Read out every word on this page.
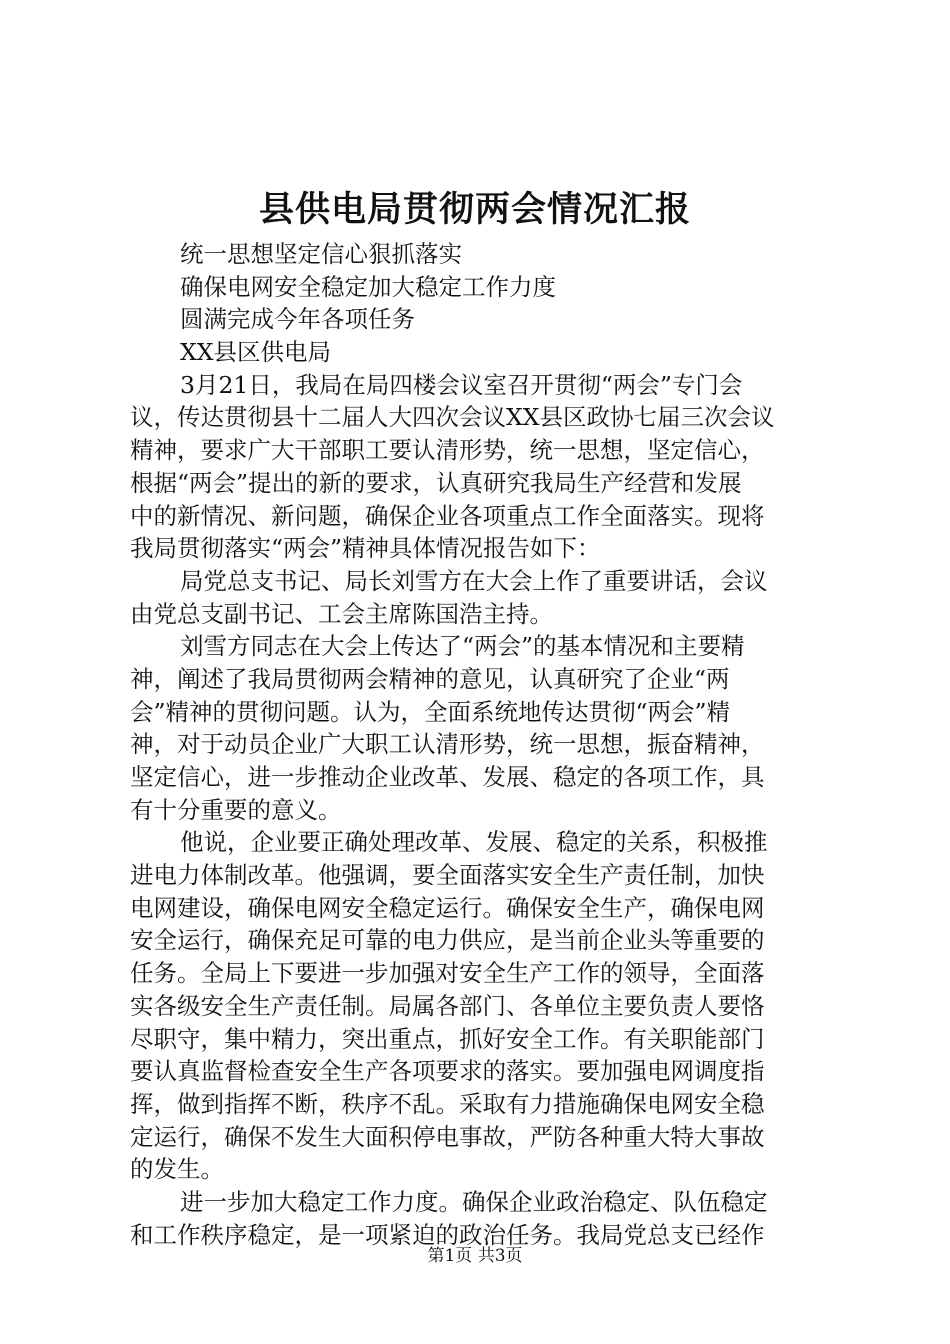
县供电局贯彻两会情况汇报
统一思想坚定信心狠抓落实
确保电网安全稳定加大稳定工作力度
圆满完成今年各项任务
XX县区供电局
3月21日，我局在局四楼会议室召开贯彻“两会”专门会
议，传达贯彻县十二届人大四次会议XX县区政协七届三次会议
精神，要求广大干部职工要认清形势，统一思想，坚定信心，
根据“两会”提出的新的要求，认真研究我局生产经营和发展
中的新情况、新问题，确保企业各项重点工作全面落实。现将
我局贯彻落实“两会”精神具体情况报告如下：
局党总支书记、局长刘雪方在大会上作了重要讲话，会议
由党总支副书记、工会主席陈国浩主持。
刘雪方同志在大会上传达了“两会”的基本情况和主要精
神，阐述了我局贯彻两会精神的意见，认真研究了企业“两
会”精神的贯彻问题。认为，全面系统地传达贯彻“两会”精
神，对于动员企业广大职工认清形势，统一思想，振奋精神，
坚定信心，进一步推动企业改革、发展、稳定的各项工作，具
有十分重要的意义。
他说，企业要正确处理改革、发展、稳定的关系，积极推
进电力体制改革。他强调，要全面落实安全生产责任制，加快
电网建设，确保电网安全稳定运行。确保安全生产，确保电网
安全运行，确保充足可靠的电力供应，是当前企业头等重要的
任务。全局上下要进一步加强对安全生产工作的领导，全面落
实各级安全生产责任制。局属各部门、各单位主要负责人要恪
尽职守，集中精力，突出重点，抓好安全工作。有关职能部门
要认真监督检查安全生产各项要求的落实。要加强电网调度指
挥，做到指挥不断，秩序不乱。采取有力措施确保电网安全稳
定运行，确保不发生大面积停电事故，严防各种重大特大事故
的发生。
进一步加大稳定工作力度。确保企业政治稳定、队伍稳定
和工作秩序稳定，是一项紧迫的政治任务。我局党总支已经作
第1页 共3页
